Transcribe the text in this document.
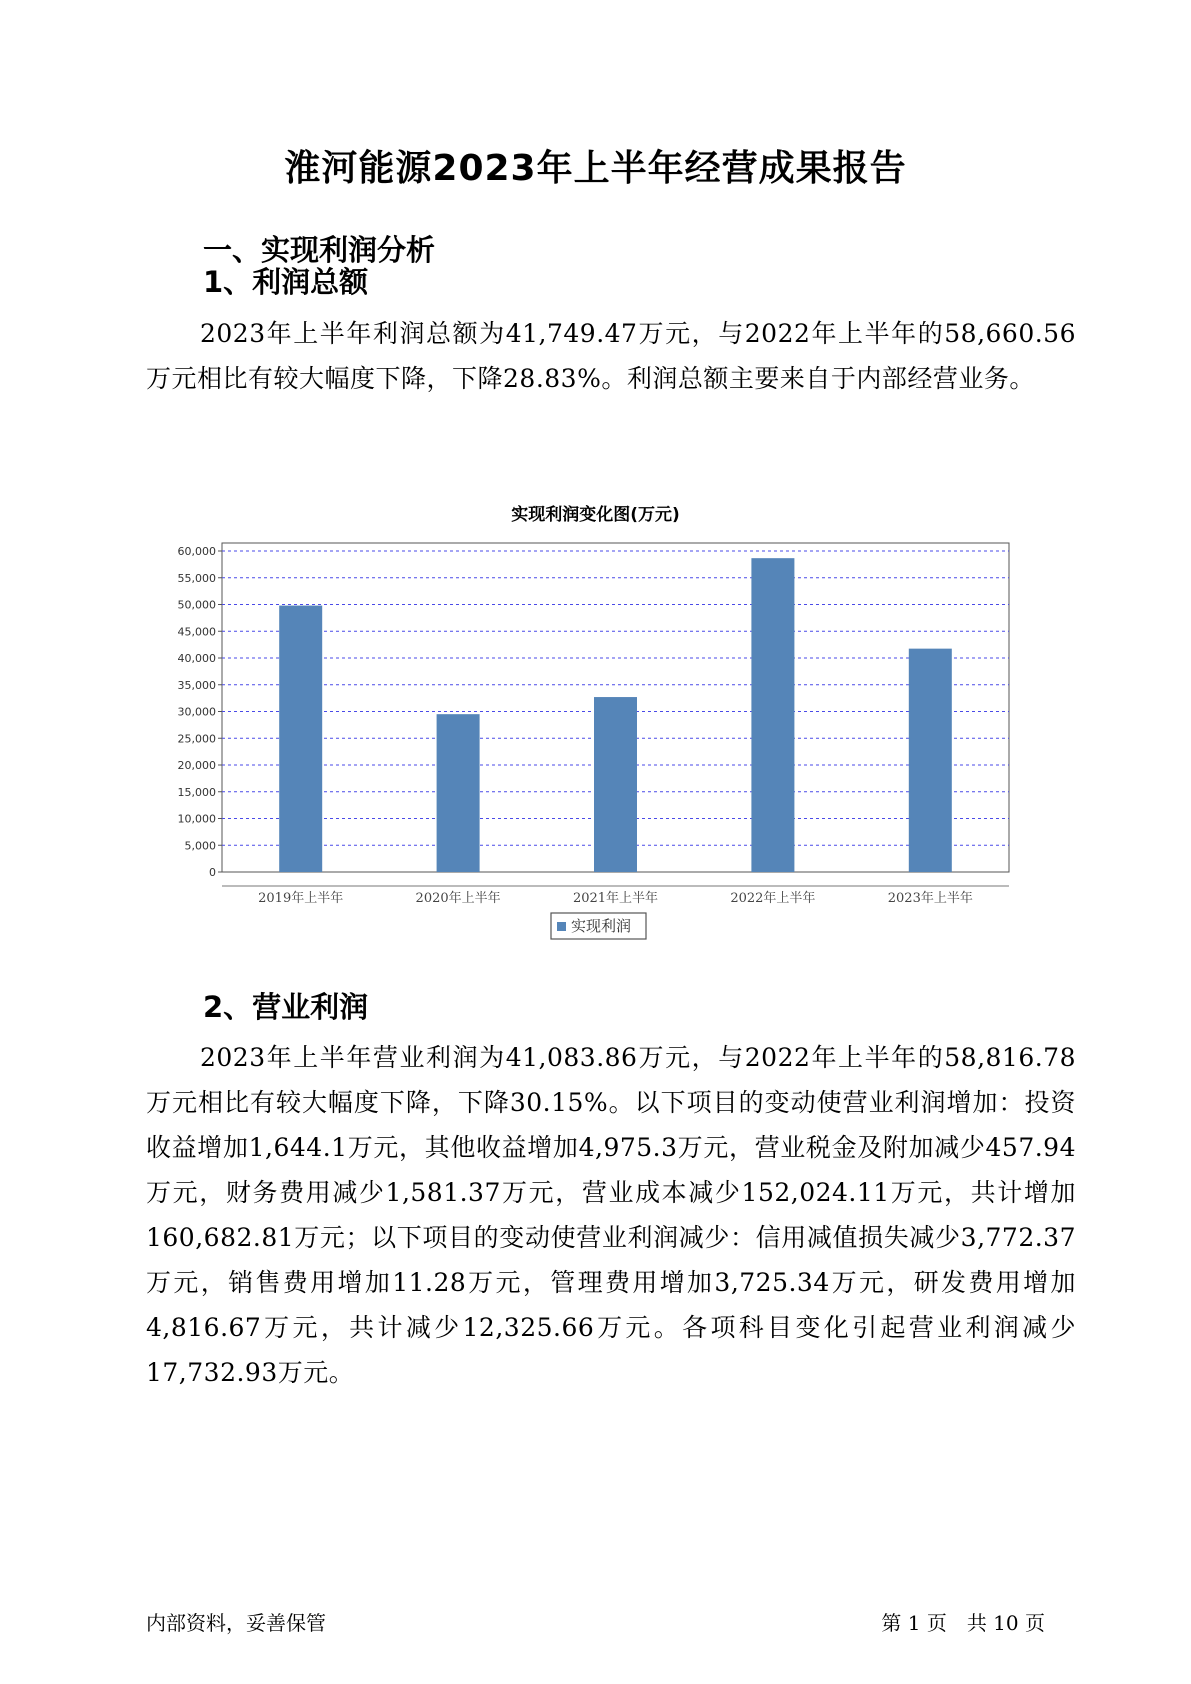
淮河能源2023年上半年经营成果报告
一、实现利润分析
1、利润总额
2023年上半年利润总额为41,749.47万元，与2022年上半年的58,660.56万元相比有较大幅度下降，下降28.83%。利润总额主要来自于内部经营业务。
实现利润变化图(万元)
0
5,000
10,000
15,000
20,000
25,000
30,000
35,000
40,000
45,000
50,000
55,000
60,000
2019年上半年	2020年上半年	2021年上半年	2022年上半年	2023年上半年
实现利润
2、营业利润
2023年上半年营业利润为41,083.86万元，与2022年上半年的58,816.78万元相比有较大幅度下降，下降30.15%。以下项目的变动使营业利润增加：投资收益增加1,644.1万元，其他收益增加4,975.3万元，营业税金及附加减少457.94万元，财务费用减少1,581.37万元，营业成本减少152,024.11万元，共计增加160,682.81万元；以下项目的变动使营业利润减少：信用减值损失减少3,772.37万元，销售费用增加11.28万元，管理费用增加3,725.34万元，研发费用增加4,816.67万元，共计减少12,325.66万元。各项科目变化引起营业利润减少17,732.93万元。
内部资料，妥善保管	第 1 页　共 10 页
